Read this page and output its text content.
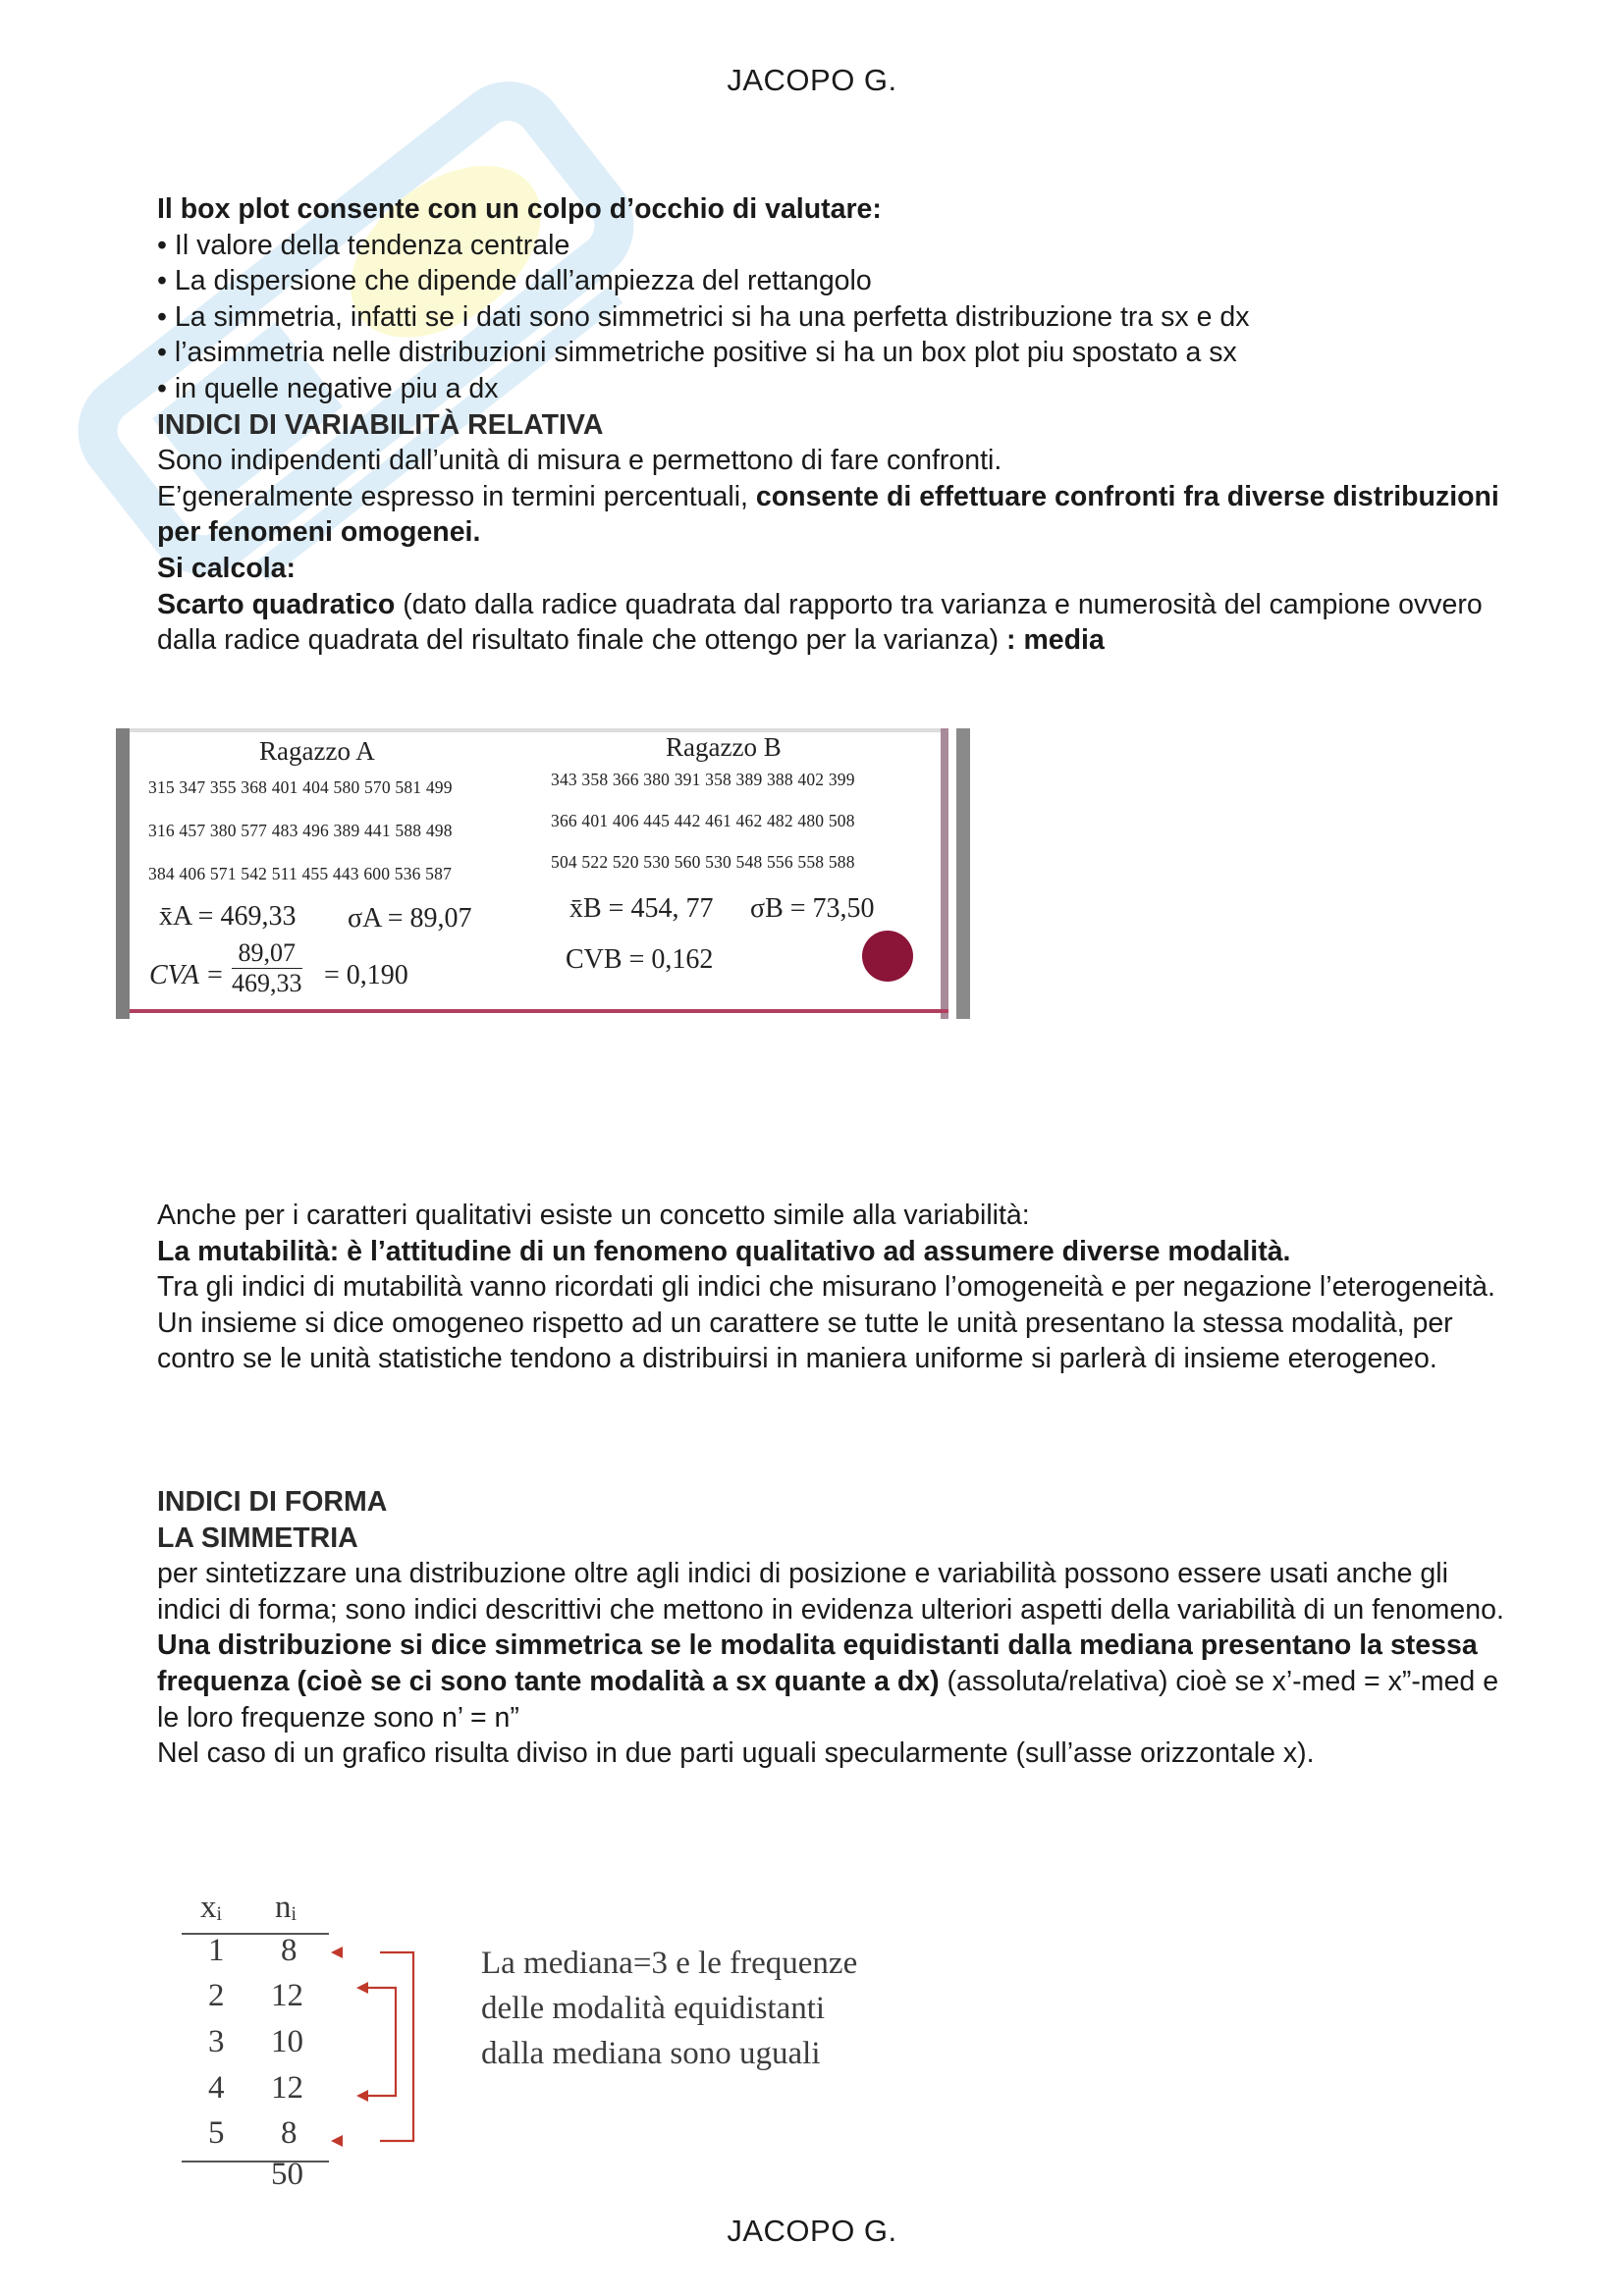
JACOPO G.

Il box plot consente con un colpo d’occhio di valutare:

• Il valore della tendenza centrale

• La dispersione che dipende dall’ampiezza del rettangolo

• La simmetria, infatti se i dati sono simmetrici si ha una perfetta distribuzione tra sx e dx

• l’asimmetria nelle distribuzioni simmetriche positive si ha un box plot piu spostato a sx

• in quelle negative piu a dx

INDICI DI VARIABILITÀ RELATIVA

Sono indipendenti dall’unità di misura e permettono di fare confronti.

E’generalmente espresso in termini percentuali, consente di effettuare confronti fra diverse distribuzioni per fenomeni omogenei.

Si calcola:

Scarto quadratico (dato dalla radice quadrata dal rapporto tra varianza e numerosità del campione ovvero dalla radice quadrata del risultato finale che ottengo per la varianza) : media

Ragazzo A
315 347 355 368 401 404 580 570 581 499
316 457 380 577 483 496 389 441 588 498
384 406 571 542 511 455 443 600 536 587
x̄A = 469,33 σA = 89,07
CVA = $\frac{89,07}{469,33} = 0,190$
Ragazzo B
343 358 366 380 391 358 389 388 402 399
366 401 406 445 442 461 462 482 480 508
504 522 520 530 560 530 548 556 558 588
x̄B = 454, 77 σB = 73,50
CVB = 0,162

Anche per i caratteri qualitativi esiste un concetto simile alla variabilità:

La mutabilità: è l’attitudine di un fenomeno qualitativo ad assumere diverse modalità.

Tra gli indici di mutabilità vanno ricordati gli indici che misurano l’omogeneità e per negazione l’eterogeneità.

Un insieme si dice omogeneo rispetto ad un carattere se tutte le unità presentano la stessa modalità, per contro se le unità statistiche tendono a distribuirsi in maniera uniforme si parlerà di insieme eterogeneo.

INDICI DI FORMA

LA SIMMETRIA

per sintetizzare una distribuzione oltre agli indici di posizione e variabilità possono essere usati anche gli indici di forma; sono indici descrittivi che mettono in evidenza ulteriori aspetti della variabilità di un fenomeno.

Una distribuzione si dice simmetrica se le modalita equidistanti dalla mediana presentano la stessa frequenza (cioè se ci sono tante modalità a sx quante a dx) (assoluta/relativa) cioè se x’-med = x”-med e le loro frequenze sono n’ = n”

Nel caso di un grafico risulta diviso in due parti uguali specularmente (sull’asse orizzontale x).

xᵢ nᵢ
1 8
2 12
3 10
4 12
5 8
50
La mediana=3 e le frequenze
delle modalità equidistanti
dalla mediana sono uguali
JACOPO G.
